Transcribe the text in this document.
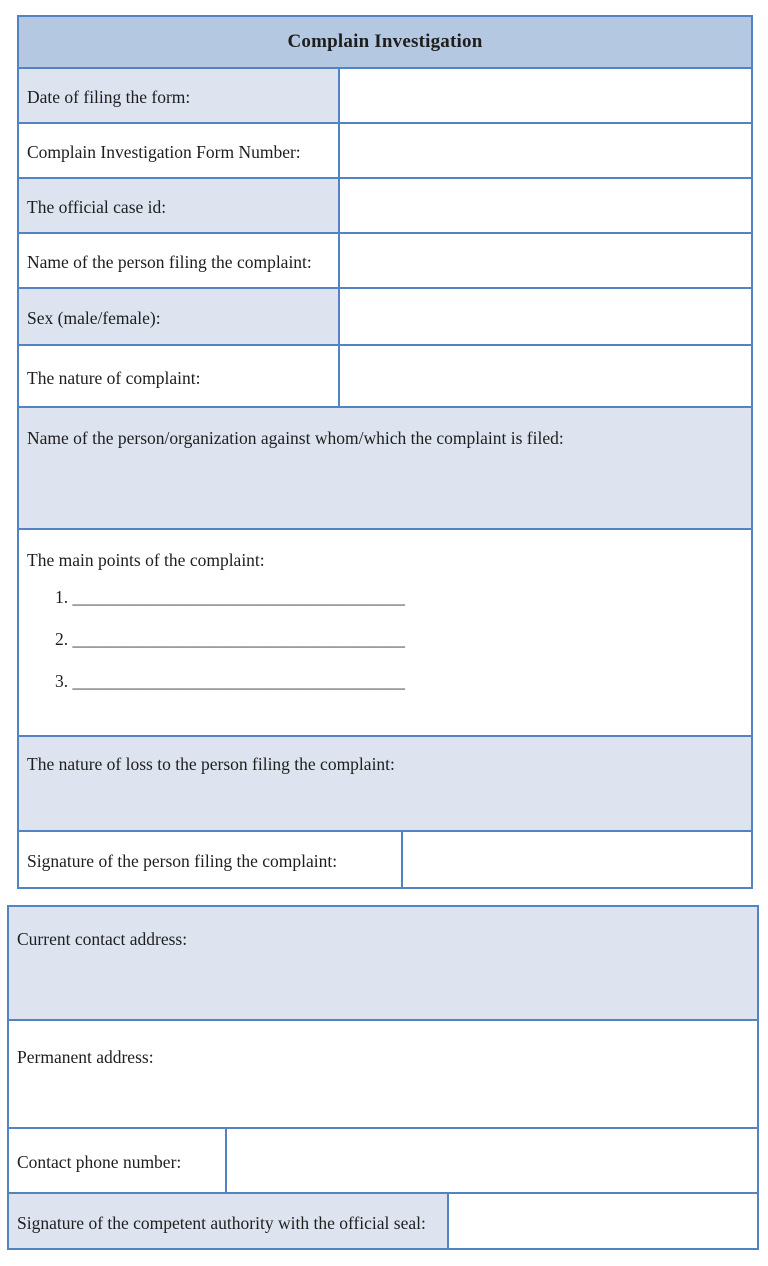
Complain Investigation
Date of filing the form:
Complain Investigation Form Number:
The official case id:
Name of the person filing the complaint:
Sex (male/female):
The nature of complaint:
Name of the person/organization against whom/which the complaint is filed:
The main points of the complaint:
1. ______________________________________
2. ______________________________________
3. ______________________________________
The nature of loss to the person filing the complaint:
Signature of the person filing the complaint:
Current contact address:
Permanent address:
Contact phone number:
Signature of the competent authority with the official seal:
